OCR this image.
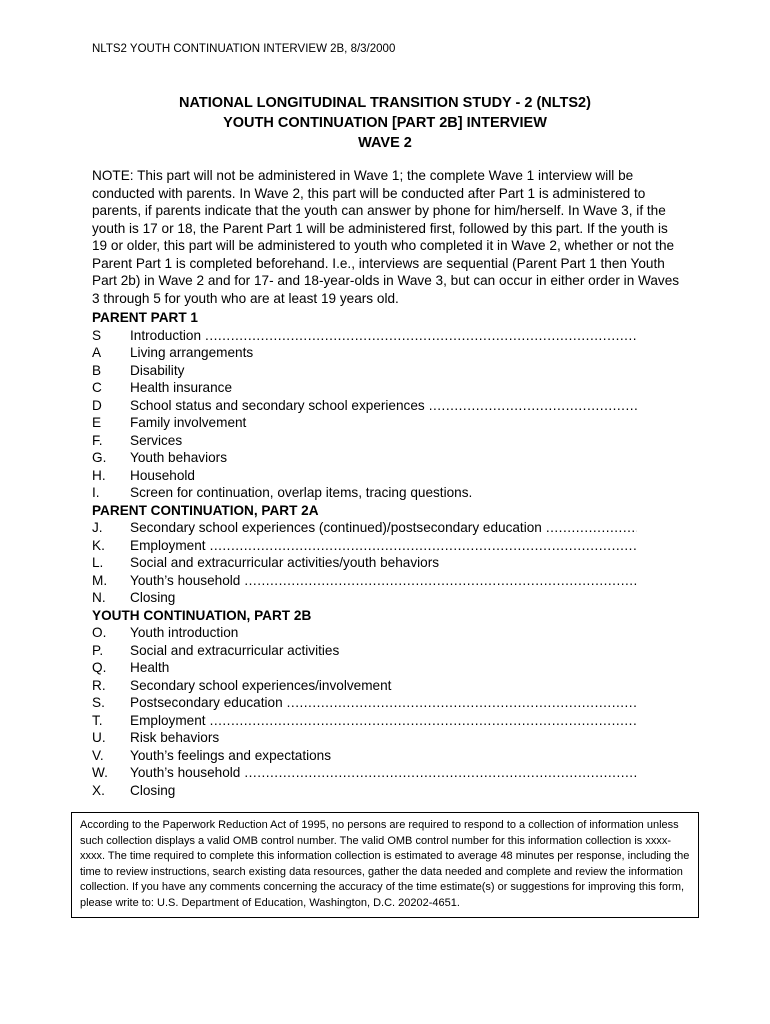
NLTS2 YOUTH CONTINUATION INTERVIEW 2B, 8/3/2000
NATIONAL LONGITUDINAL TRANSITION STUDY - 2 (NLTS2)
YOUTH CONTINUATION [PART 2B] INTERVIEW
WAVE 2
NOTE: This part will not be administered in Wave 1; the complete Wave 1 interview will be conducted with parents. In Wave 2, this part will be conducted after Part 1 is administered to parents, if parents indicate that the youth can answer by phone for him/herself. In Wave 3, if the youth is 17 or 18, the Parent Part 1 will be administered first, followed by this part. If the youth is 19 or older, this part will be administered to youth who completed it in Wave 2, whether or not the Parent Part 1 is completed beforehand. I.e., interviews are sequential (Parent Part 1 then Youth Part 2b) in Wave 2 and for 17- and 18-year-olds in Wave 3, but can occur in either order in Waves 3 through 5 for youth who are at least 19 years old.
PARENT PART 1
S	Introduction
.....
A	Living arrangements
B	Disability
C	Health insurance
D	School status and secondary school experiences
.....
E	Family involvement
F.	Services
G.	Youth behaviors
H.	Household
I.	Screen for continuation, overlap items, tracing questions.
PARENT CONTINUATION, PART 2A
J.	Secondary school experiences (continued)/postsecondary education
.....
K.	Employment
.....
L.	Social and extracurricular activities/youth behaviors
M.	Youth’s household
.....
N.	Closing
YOUTH CONTINUATION, PART 2B
O.	Youth introduction
P.	Social and extracurricular activities
Q.	Health
R.	Secondary school experiences/involvement
S.	Postsecondary education
.....
T.	Employment
.....
U.	Risk behaviors
V.	Youth’s feelings and expectations
W.	Youth’s household
.....
X.	Closing
According to the Paperwork Reduction Act of 1995, no persons are required to respond to a collection of information unless such collection displays a valid OMB control number. The valid OMB control number for this information collection is xxxx-xxxx. The time required to complete this information collection is estimated to average 48 minutes per response, including the time to review instructions, search existing data resources, gather the data needed and complete and review the information collection. If you have any comments concerning the accuracy of the time estimate(s) or suggestions for improving this form, please write to: U.S. Department of Education, Washington, D.C. 20202-4651.
